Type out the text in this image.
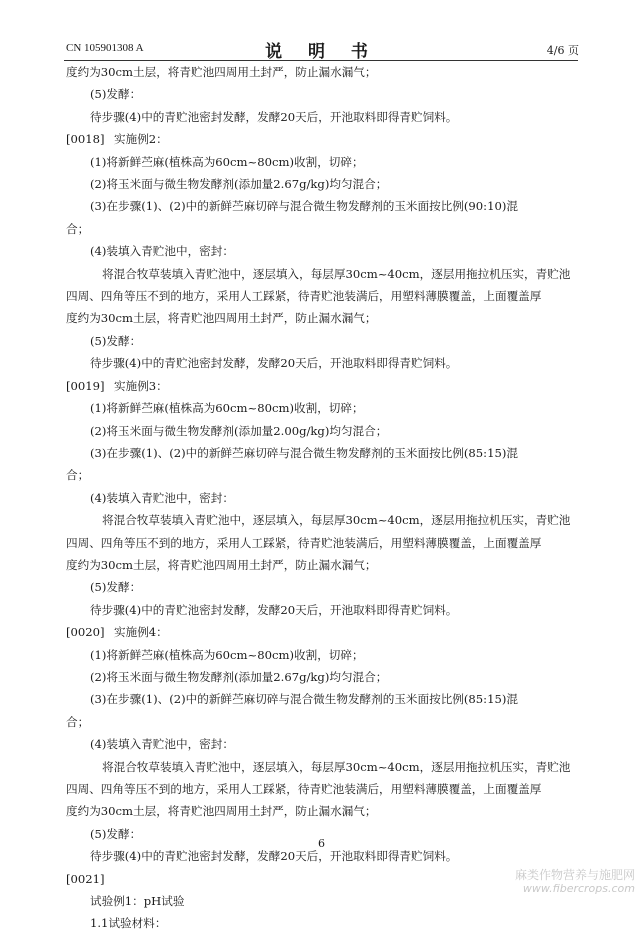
CN 105901308 A	说 明 书	4/6 页
度约为30cm土层，将青贮池四周用土封严，防止漏水漏气；
(5)发酵：
待步骤(4)中的青贮池密封发酵，发酵20天后，开池取料即得青贮饲料。
[0018] 实施例2：
(1)将新鲜苎麻(植株高为60cm~80cm)收割，切碎；
(2)将玉米面与微生物发酵剂(添加量2.67g/kg)均匀混合；
(3)在步骤(1)、(2)中的新鲜苎麻切碎与混合微生物发酵剂的玉米面按比例(90:10)混
合；
(4)装填入青贮池中，密封：
将混合牧草装填入青贮池中，逐层填入，每层厚30cm~40cm，逐层用拖拉机压实，青贮池
四周、四角等压不到的地方，采用人工踩紧，待青贮池装满后，用塑料薄膜覆盖，上面覆盖厚
度约为30cm土层，将青贮池四周用土封严，防止漏水漏气；
(5)发酵：
待步骤(4)中的青贮池密封发酵，发酵20天后，开池取料即得青贮饲料。
[0019] 实施例3：
(1)将新鲜苎麻(植株高为60cm~80cm)收割，切碎；
(2)将玉米面与微生物发酵剂(添加量2.00g/kg)均匀混合；
(3)在步骤(1)、(2)中的新鲜苎麻切碎与混合微生物发酵剂的玉米面按比例(85:15)混
合；
(4)装填入青贮池中，密封：
将混合牧草装填入青贮池中，逐层填入，每层厚30cm~40cm，逐层用拖拉机压实，青贮池
四周、四角等压不到的地方，采用人工踩紧，待青贮池装满后，用塑料薄膜覆盖，上面覆盖厚
度约为30cm土层，将青贮池四周用土封严，防止漏水漏气；
(5)发酵：
待步骤(4)中的青贮池密封发酵，发酵20天后，开池取料即得青贮饲料。
[0020] 实施例4：
(1)将新鲜苎麻(植株高为60cm~80cm)收割，切碎；
(2)将玉米面与微生物发酵剂(添加量2.67g/kg)均匀混合；
(3)在步骤(1)、(2)中的新鲜苎麻切碎与混合微生物发酵剂的玉米面按比例(85:15)混
合；
(4)装填入青贮池中，密封：
将混合牧草装填入青贮池中，逐层填入，每层厚30cm~40cm，逐层用拖拉机压实，青贮池
四周、四角等压不到的地方，采用人工踩紧，待青贮池装满后，用塑料薄膜覆盖，上面覆盖厚
度约为30cm土层，将青贮池四周用土封严，防止漏水漏气；
(5)发酵：
待步骤(4)中的青贮池密封发酵，发酵20天后，开池取料即得青贮饲料。
[0021]
试验例1：pH试验
1.1试验材料：
6
麻类作物营养与施肥网
www.fibercrops.com
